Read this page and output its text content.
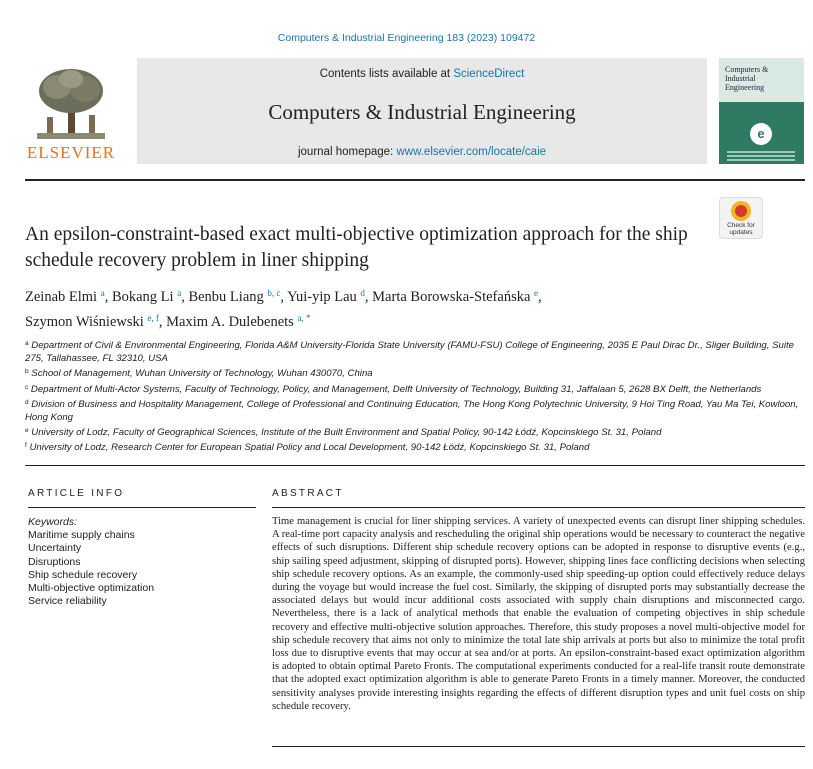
Computers & Industrial Engineering 183 (2023) 109472
ELSEVIER
Contents lists available at ScienceDirect
Computers & Industrial Engineering
journal homepage: www.elsevier.com/locate/caie
Computers &
Industrial
Engineering
e
Check for
updates
An epsilon-constraint-based exact multi-objective optimization approach for the ship schedule recovery problem in liner shipping
Zeinab Elmi $^a$, Bokang Li $^a$, Benbu Liang $^{b, c}$, Yui-yip Lau $^d$, Marta Borowska-Stefańska $^e$,
Szymon Wiśniewski $^{e, f}$, Maxim A. Dulebenets $^{a, *}$
$^a$ Department of Civil & Environmental Engineering, Florida A&M University-Florida State University (FAMU-FSU) College of Engineering, 2035 E Paul Dirac Dr., Sliger Building, Suite 275, Tallahassee, FL 32310, USA
$^b$ School of Management, Wuhan University of Technology, Wuhan 430070, China
$^c$ Department of Multi-Actor Systems, Faculty of Technology, Policy, and Management, Delft University of Technology, Building 31, Jaffalaan 5, 2628 BX Delft, the Netherlands
$^d$ Division of Business and Hospitality Management, College of Professional and Continuing Education, The Hong Kong Polytechnic University, 9 Hoi Ting Road, Yau Ma Tei, Kowloon, Hong Kong
$^e$ University of Lodz, Faculty of Geographical Sciences, Institute of the Built Environment and Spatial Policy, 90-142 Łódź, Kopcinskiego St. 31, Poland
$^f$ University of Lodz, Research Center for European Spatial Policy and Local Development, 90-142 Łódź, Kopcinskiego St. 31, Poland
ARTICLE INFO	ABSTRACT
Keywords:
Maritime supply chains
Uncertainty
Disruptions
Ship schedule recovery
Multi-objective optimization
Service reliability
Time management is crucial for liner shipping services. A variety of unexpected events can disrupt liner shipping schedules. A real-time port capacity analysis and rescheduling the original ship operations would be necessary to counteract the negative effects of such disruptions. Different ship schedule recovery options can be adopted in response to disruptive events (e.g., ship sailing speed adjustment, skipping of disrupted ports). However, shipping lines face conflicting decisions when selecting ship schedule recovery options. As an example, the commonly-used ship speeding-up option could effectively reduce delays during the voyage but would increase the fuel cost. Similarly, the skipping of disrupted ports may substantially decrease the associated delays but would incur additional costs associated with supply chain disruptions and misconnected cargo. Nevertheless, there is a lack of analytical methods that enable the evaluation of competing objectives in ship schedule recovery and effective multi-objective solution approaches. Therefore, this study proposes a novel multi-objective model for ship schedule recovery that aims not only to minimize the total late ship arrivals at ports but also to minimize the total profit loss due to disruptive events that may occur at sea and/or at ports. An epsilon-constraint-based exact optimization algorithm is adopted to obtain optimal Pareto Fronts. The computational experiments conducted for a real-life transit route demonstrate that the adopted exact optimization algorithm is able to generate Pareto Fronts in a timely manner. Moreover, the conducted sensitivity analyses provide interesting insights regarding the effects of different disruption types and unit fuel costs on ship schedule recovery.
